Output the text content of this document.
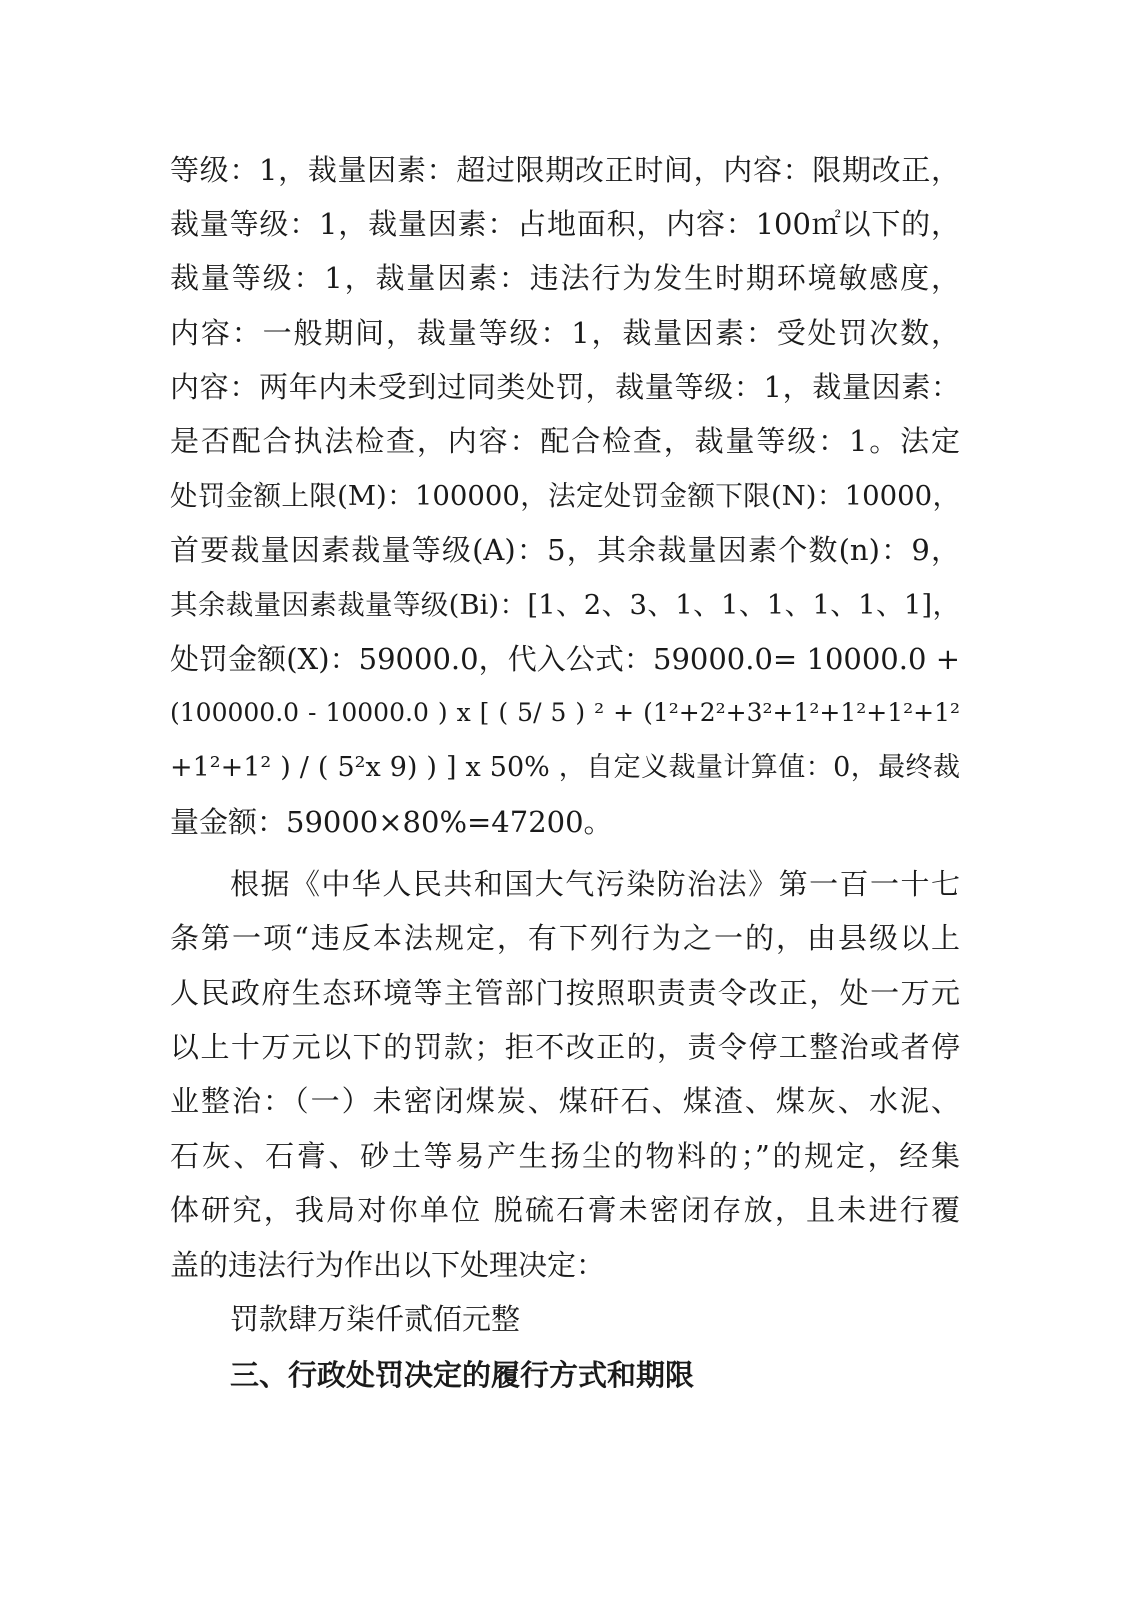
等级：1，裁量因素：超过限期改正时间，内容：限期改正，
裁量等级：1，裁量因素：占地面积，内容：100㎡以下的，
裁量等级：1，裁量因素：违法行为发生时期环境敏感度，
内容：一般期间，裁量等级：1，裁量因素：受处罚次数，
内容：两年内未受到过同类处罚，裁量等级：1，裁量因素：
是否配合执法检查，内容：配合检查，裁量等级：1。法定
处罚金额上限(M)：100000，法定处罚金额下限(N)：10000，
首要裁量因素裁量等级(A)：5，其余裁量因素个数(n)：9，
其余裁量因素裁量等级(Bi)：[1、2、3、1、1、1、1、1、1]，
处罚金额(X)：59000.0，代入公式：59000.0= 10000.0 +
(100000.0 - 10000.0 ) x [ ( 5/ 5 ) ² + (1²+2²+3²+1²+1²+1²+1²
+1²+1² ) / ( 5²x 9) ) ] x 50% ，自定义裁量计算值：0，最终裁
量金额：59000×80%=47200。
根据《中华人民共和国大气污染防治法》第一百一十七
条第一项“违反本法规定，有下列行为之一的，由县级以上
人民政府生态环境等主管部门按照职责责令改正，处一万元
以上十万元以下的罚款；拒不改正的，责令停工整治或者停
业整治：（一）未密闭煤炭、煤矸石、煤渣、煤灰、水泥、
石灰、石膏、砂土等易产生扬尘的物料的；”的规定，经集
体研究，我局对你单位 脱硫石膏未密闭存放，且未进行覆
盖的违法行为作出以下处理决定：
罚款肆万柒仟贰佰元整
三、行政处罚决定的履行方式和期限
